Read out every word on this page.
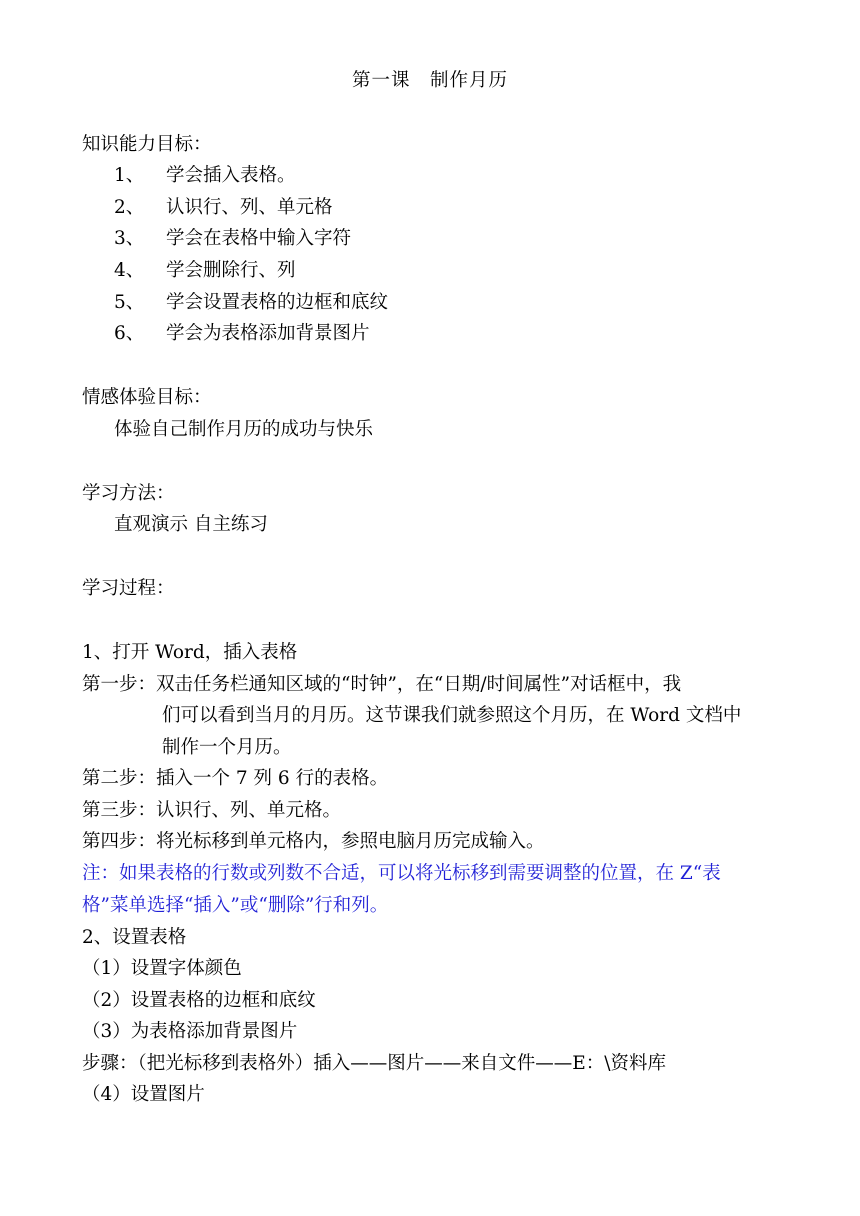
第一课　制作月历
知识能力目标：
1、 学会插入表格。
2、 认识行、列、单元格
3、 学会在表格中输入字符
4、 学会删除行、列
5、 学会设置表格的边框和底纹
6、 学会为表格添加背景图片
情感体验目标：
体验自己制作月历的成功与快乐
学习方法：
直观演示 自主练习
学习过程：
1、打开 Word，插入表格
第一步：双击任务栏通知区域的“时钟”，在“日期/时间属性”对话框中，我
们可以看到当月的月历。这节课我们就参照这个月历，在 Word 文档中
制作一个月历。
第二步：插入一个 7 列 6 行的表格。
第三步：认识行、列、单元格。
第四步：将光标移到单元格内，参照电脑月历完成输入。
注：如果表格的行数或列数不合适，可以将光标移到需要调整的位置，在 Z“表
格”菜单选择“插入”或“删除”行和列。
2、设置表格
（1）设置字体颜色
（2）设置表格的边框和底纹
（3）为表格添加背景图片
步骤：（把光标移到表格外）插入——图片——来自文件——E：\资料库
（4）设置图片
